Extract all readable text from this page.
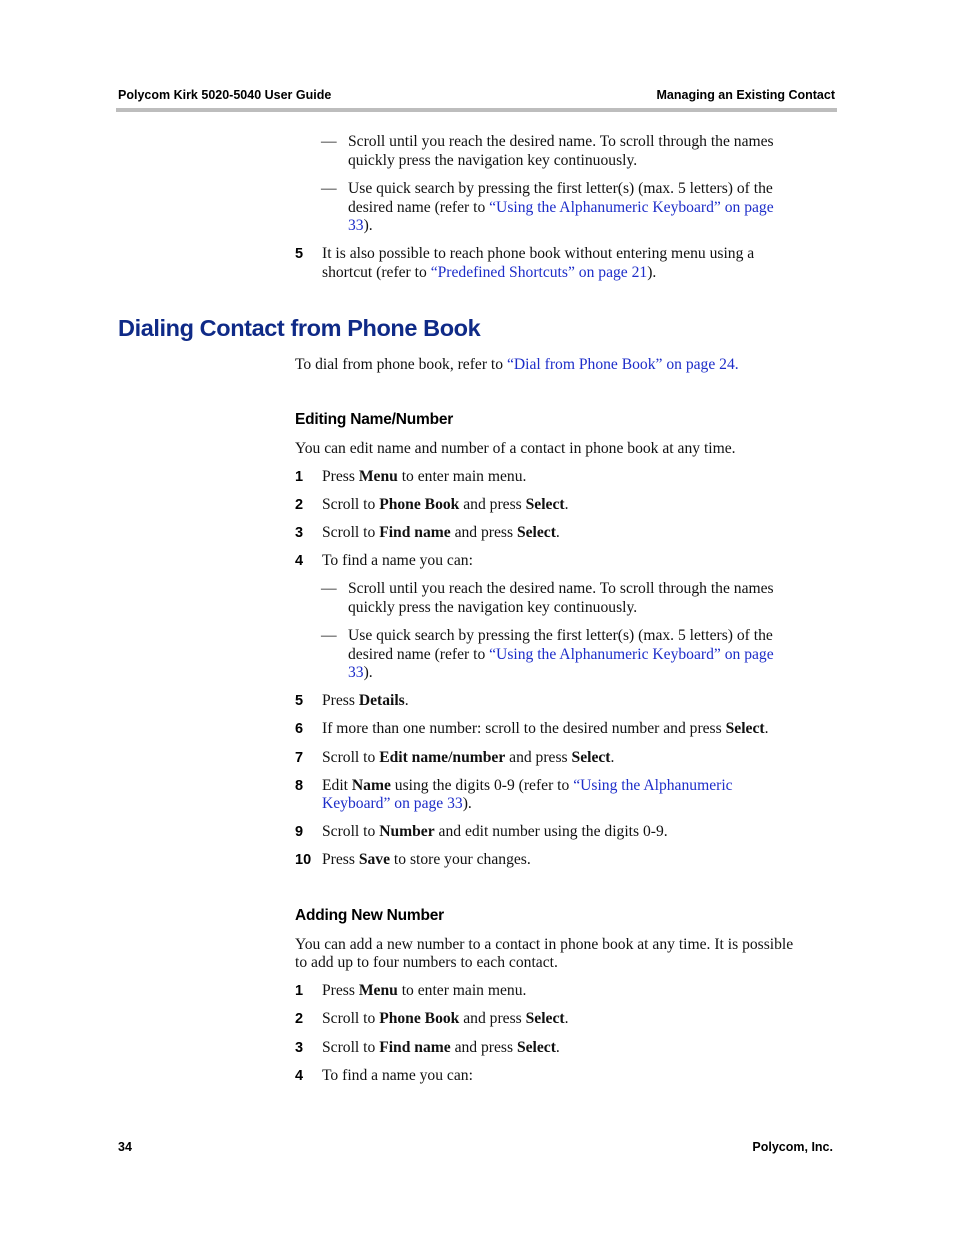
Polycom Kirk 5020-5040 User Guide	Managing an Existing Contact
— Scroll until you reach the desired name. To scroll through the names
quickly press the navigation key continuously.
— Use quick search by pressing the first letter(s) (max. 5 letters) of the
desired name (refer to “Using the Alphanumeric Keyboard” on page
33).
5 It is also possible to reach phone book without entering menu using a
shortcut (refer to “Predefined Shortcuts” on page 21).
Dialing Contact from Phone Book
To dial from phone book, refer to “Dial from Phone Book” on page 24.
Editing Name/Number
You can edit name and number of a contact in phone book at any time.
1 Press Menu to enter main menu.
2 Scroll to Phone Book and press Select.
3 Scroll to Find name and press Select.
4 To find a name you can:
— Scroll until you reach the desired name. To scroll through the names
quickly press the navigation key continuously.
— Use quick search by pressing the first letter(s) (max. 5 letters) of the
desired name (refer to “Using the Alphanumeric Keyboard” on page
33).
5 Press Details.
6 If more than one number: scroll to the desired number and press Select.
7 Scroll to Edit name/number and press Select.
8 Edit Name using the digits 0-9 (refer to “Using the Alphanumeric
Keyboard” on page 33).
9 Scroll to Number and edit number using the digits 0-9.
10 Press Save to store your changes.
Adding New Number
You can add a new number to a contact in phone book at any time. It is possible
to add up to four numbers to each contact.
1 Press Menu to enter main menu.
2 Scroll to Phone Book and press Select.
3 Scroll to Find name and press Select.
4 To find a name you can:
34	Polycom, Inc.
